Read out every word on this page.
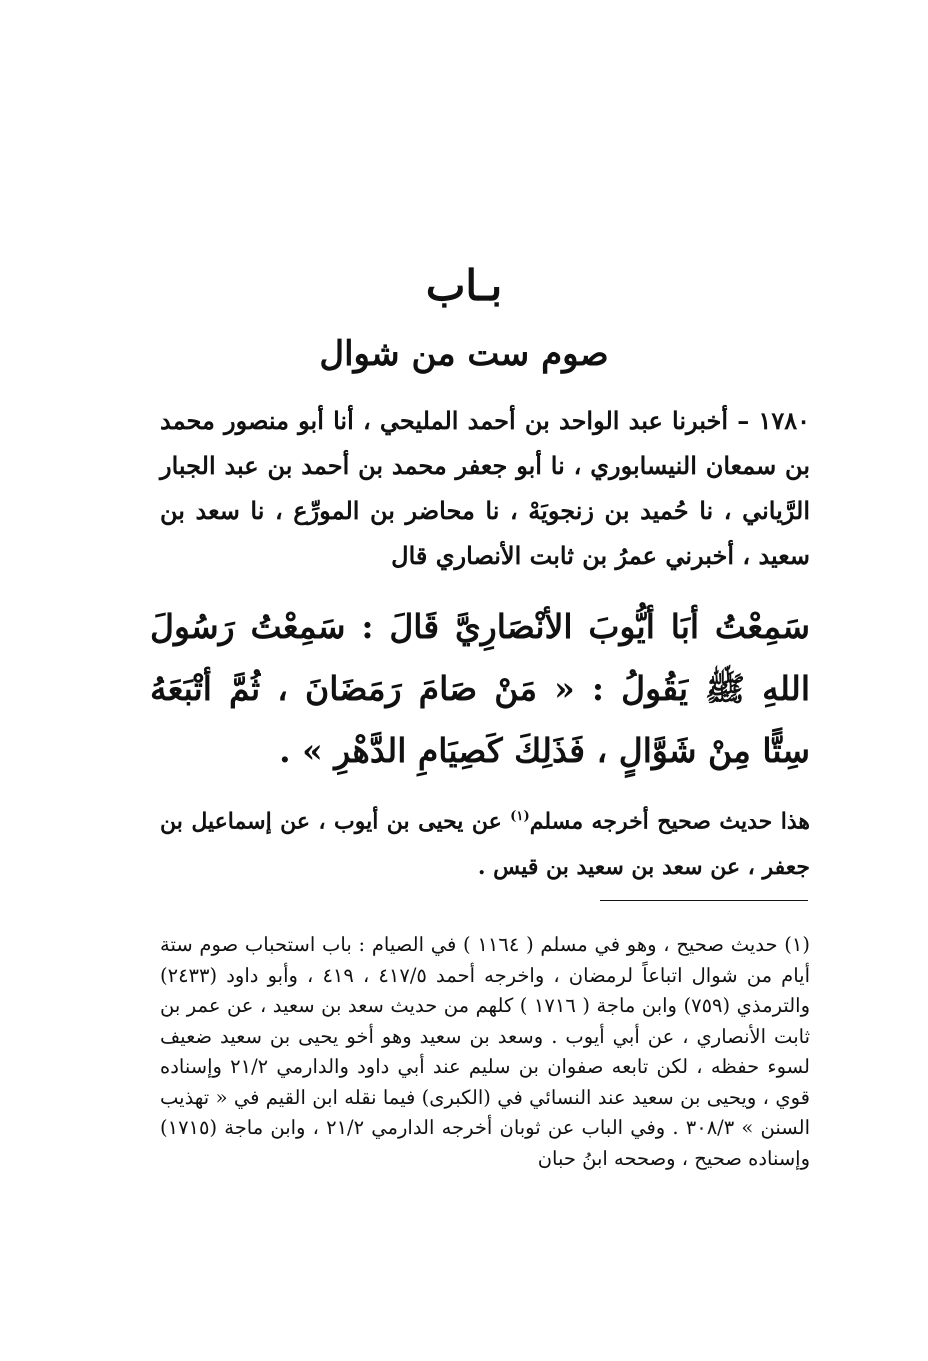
بـاب
صوم ست من شوال

١٧٨٠ – أخبرنا عبد الواحد بن أحمد المليحي ، أنا أبو منصور محمد بن سمعان النيسابوري ، نا أبو جعفر محمد بن أحمد بن عبد الجبار الرَّياني ، نا حُميد بن زنجويَهْ ، نا محاضر بن المورِّع ، نا سعد بن سعيد ، أخبرني عمرُ بن ثابت الأنصاري قال

سَمِعْتُ أبَا أيُّوبَ الأنْصَارِيَّ قَالَ : سَمِعْتُ رَسُولَ اللهِ ﷺ يَقُولُ : « مَنْ صَامَ رَمَضَانَ ، ثُمَّ أتْبَعَهُ سِتًّا مِنْ شَوَّالٍ ، فَذَلِكَ كَصِيَامِ الدَّهْرِ » .

هذا حديث صحيح أخرجه مسلم$^{(١)}$ عن يحيى بن أيوب ، عن إسماعيل بن جعفر ، عن سعد بن سعيد بن قيس .

(١) حديث صحيح ، وهو في مسلم ( ١١٦٤ ) في الصيام : باب استحباب صوم ستة أيام من شوال اتباعاً لرمضان ، واخرجه أحمد ٤١٧/٥ ، ٤١٩ ، وأبو داود (٢٤٣٣) والترمذي (٧٥٩) وابن ماجة ( ١٧١٦ ) كلهم من حديث سعد بن سعيد ، عن عمر بن ثابت الأنصاري ، عن أبي أيوب . وسعد بن سعيد وهو أخو يحيى بن سعيد ضعيف لسوء حفظه ، لكن تابعه صفوان بن سليم عند أبي داود والدارمي ٢١/٢ وإسناده قوي ، ويحيى بن سعيد عند النسائي في (الكبرى) فيما نقله ابن القيم في « تهذيب السنن » ٣٠٨/٣ . وفي الباب عن ثوبان أخرجه الدارمي ٢١/٢ ، وابن ماجة (١٧١٥) وإسناده صحيح ، وصححه ابنُ حبان
